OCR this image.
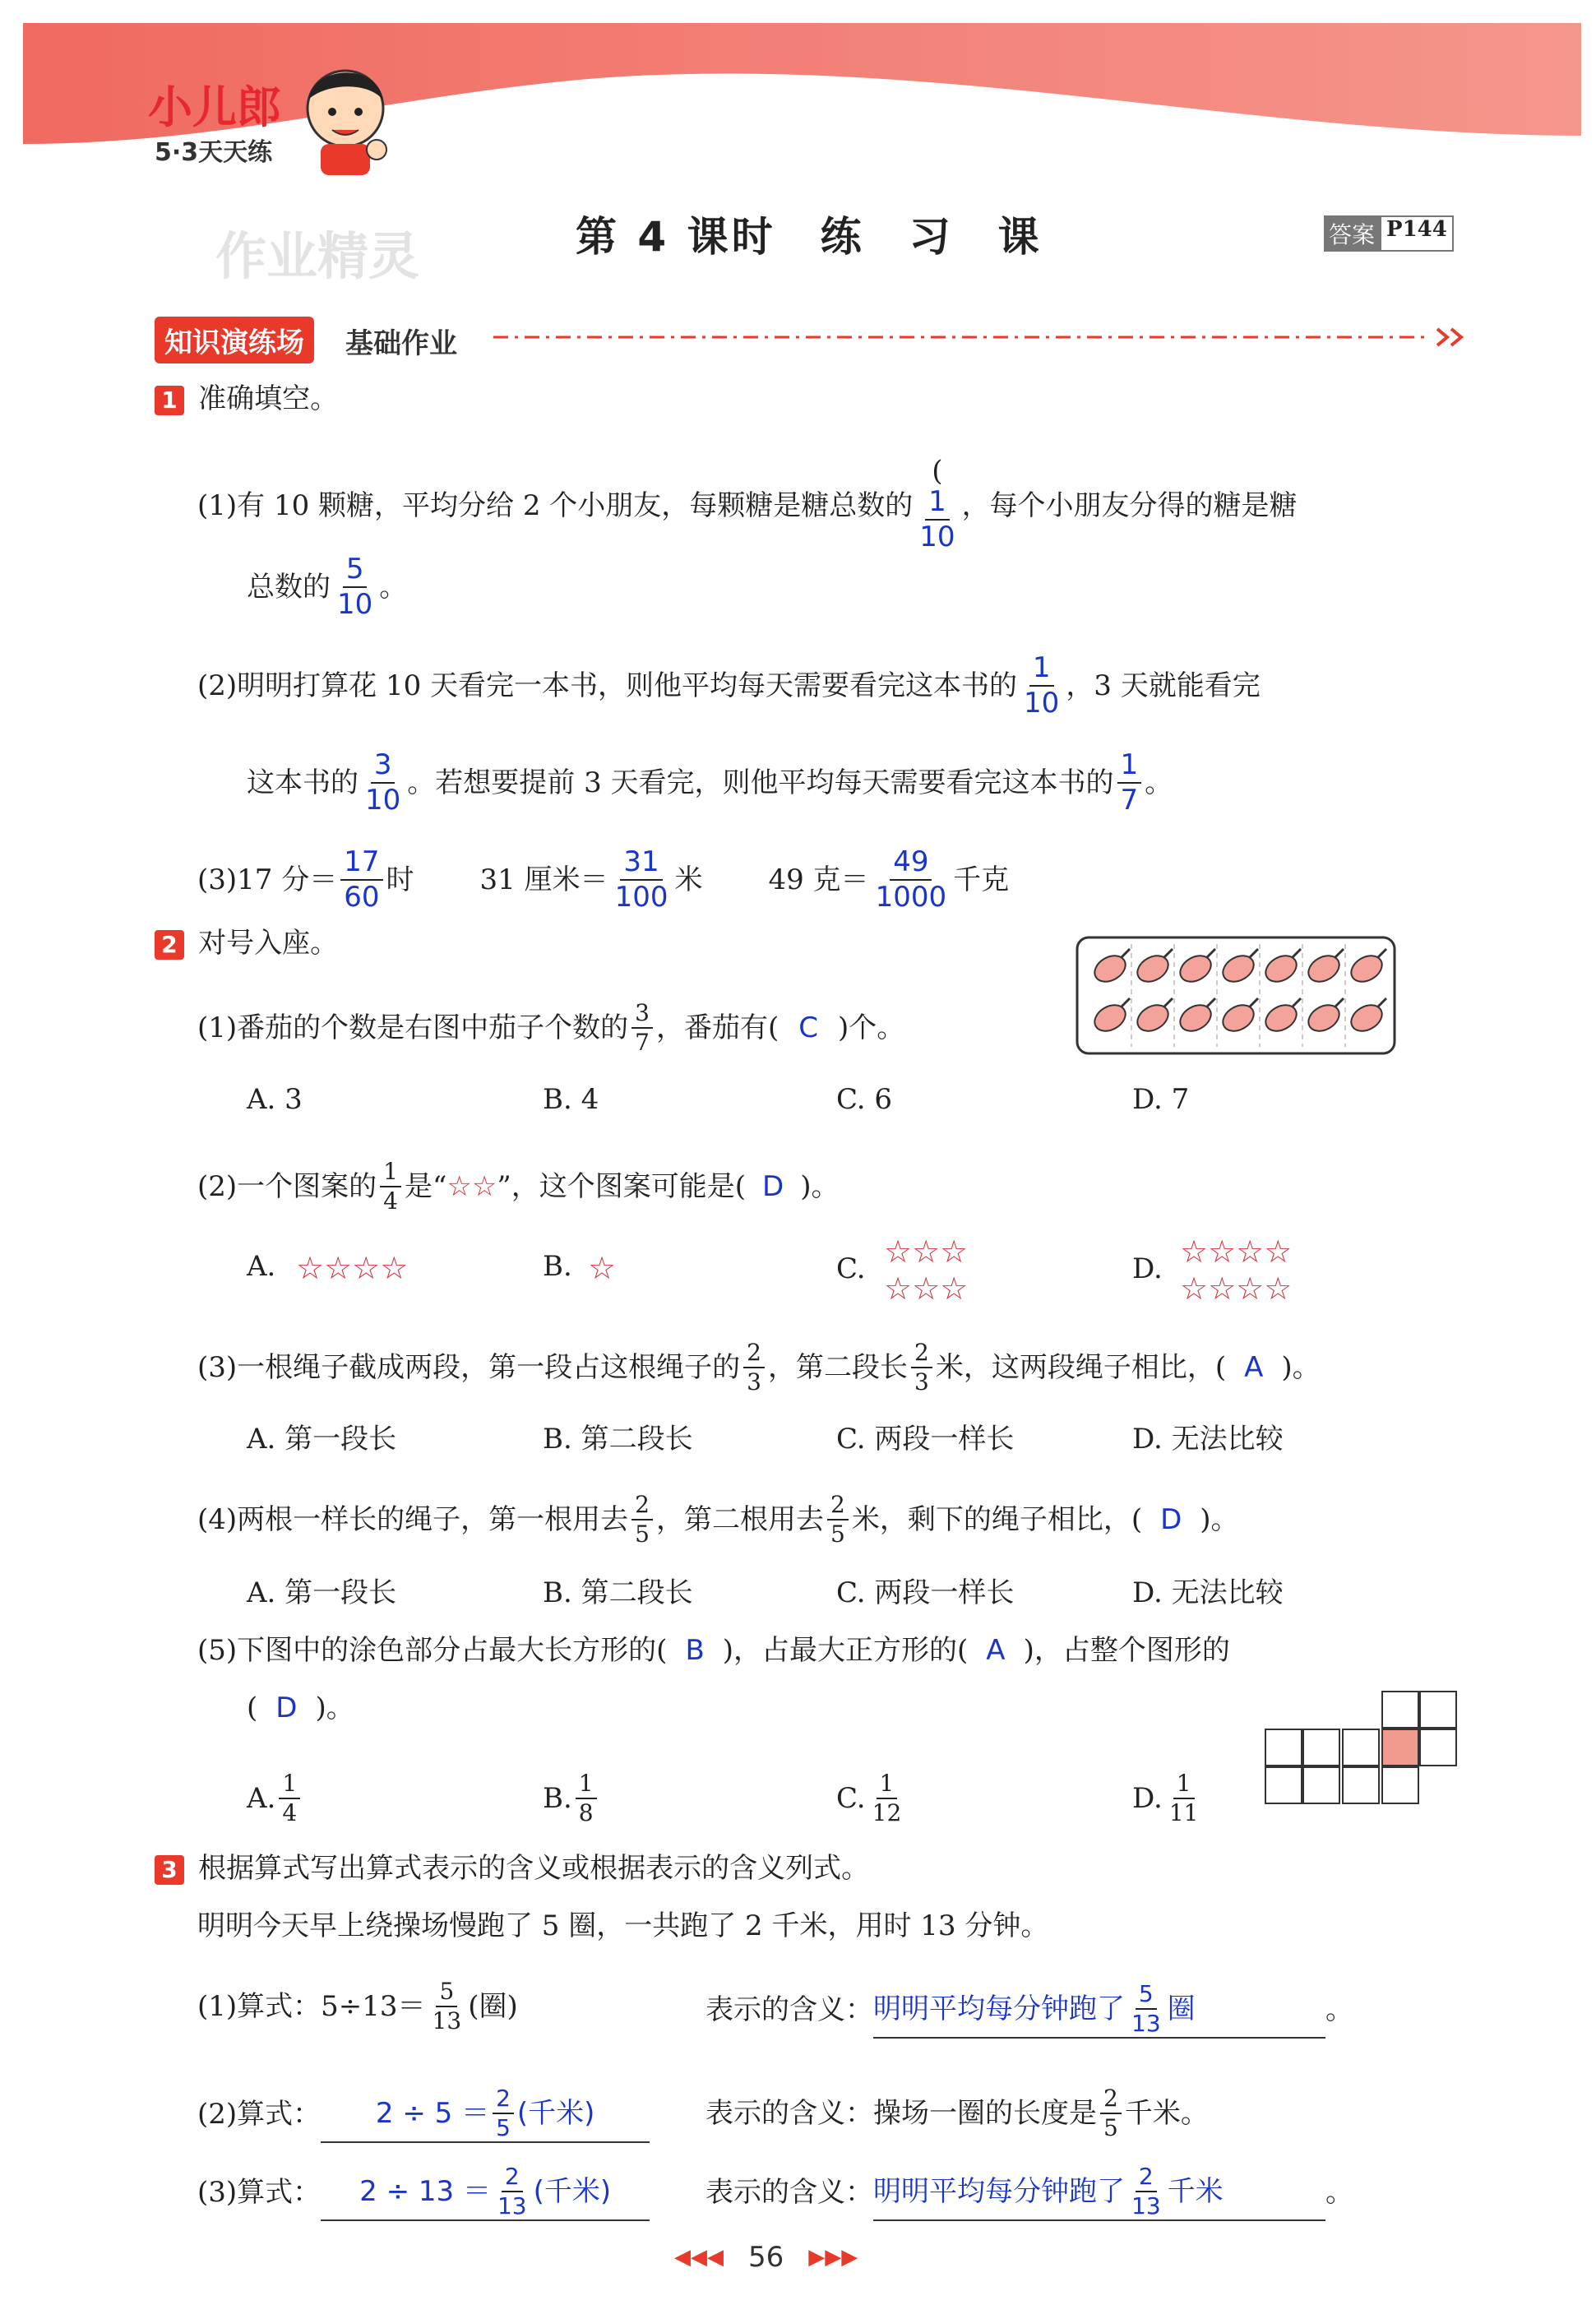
小儿郎
5·3天天练
作业精灵	第 4 课时　练　习　课	答案 P144
知识演练场	基础作业
1 准确填空。
(1)有 10 颗糖，平均分给 2 个小朋友，每颗糖是糖总数的
(
1
10
，每个小朋友分得的糖是糖
总数的 $\frac{5}{10}$ 。
(2)明明打算花 10 天看完一本书，则他平均每天需要看完这本书的 $\frac{1}{10}$ ，3 天就能看完
这本书的 $\frac{3}{10}$ 。若想要提前 3 天看完，则他平均每天需要看完这本书的 $\frac{1}{7}$ 。
(3)17 分＝ $\frac{17}{60}$ 时 31 厘米＝ $\frac{31}{100}$ 米 49 克＝ $\frac{49}{1000}$ 千克
2 对号入座。
(1)番茄的个数是右图中茄子个数的 $\frac{3}{7}$ ，番茄有( C )个。
A. 3	B. 4	C. 6	D. 7
(2)一个图案的 $\frac{1}{4}$ 是“ ☆☆ ”，这个图案可能是( D )。
A. ☆☆☆☆	B. ☆	C. ☆☆☆
☆☆☆
D. ☆☆☆☆
☆☆☆☆
(3)一根绳子截成两段，第一段占这根绳子的 $\frac{2}{3}$ ，第二段长 $\frac{2}{3}$ 米，这两段绳子相比，( A )。
A. 第一段长	B. 第二段长	C. 两段一样长	D. 无法比较
(4)两根一样长的绳子，第一根用去 $\frac{2}{5}$ ，第二根用去 $\frac{2}{5}$ 米，剩下的绳子相比，( D )。
A. 第一段长	B. 第二段长	C. 两段一样长	D. 无法比较
(5)下图中的涂色部分占最大长方形的( B )，占最大正方形的( A )，占整个图形的
( D )。
A. $\frac{1}{4}$	B. $\frac{1}{8}$	C. $\frac{1}{12}$	D. $\frac{1}{11}$
3 根据算式写出算式表示的含义或根据表示的含义列式。
明明今天早上绕操场慢跑了 5 圈，一共跑了 2 千米，用时 13 分钟。
(1)算式：$5\div 13= \frac{5}{13}$ (圈)	表示的含义： 明明平均每分钟跑了 $\frac{5}{13}$ 圈	。
(2)算式： $2 \div 5 = \frac{2}{5}$ (千米)	表示的含义：操场一圈的长度是 $\frac{2}{5}$ 千米。
(3)算式： $2 \div 13 = \frac{2}{13}$ (千米)	表示的含义： 明明平均每分钟跑了 $\frac{2}{13}$ 千米	。
◀◀◀ 56 ▶▶▶
